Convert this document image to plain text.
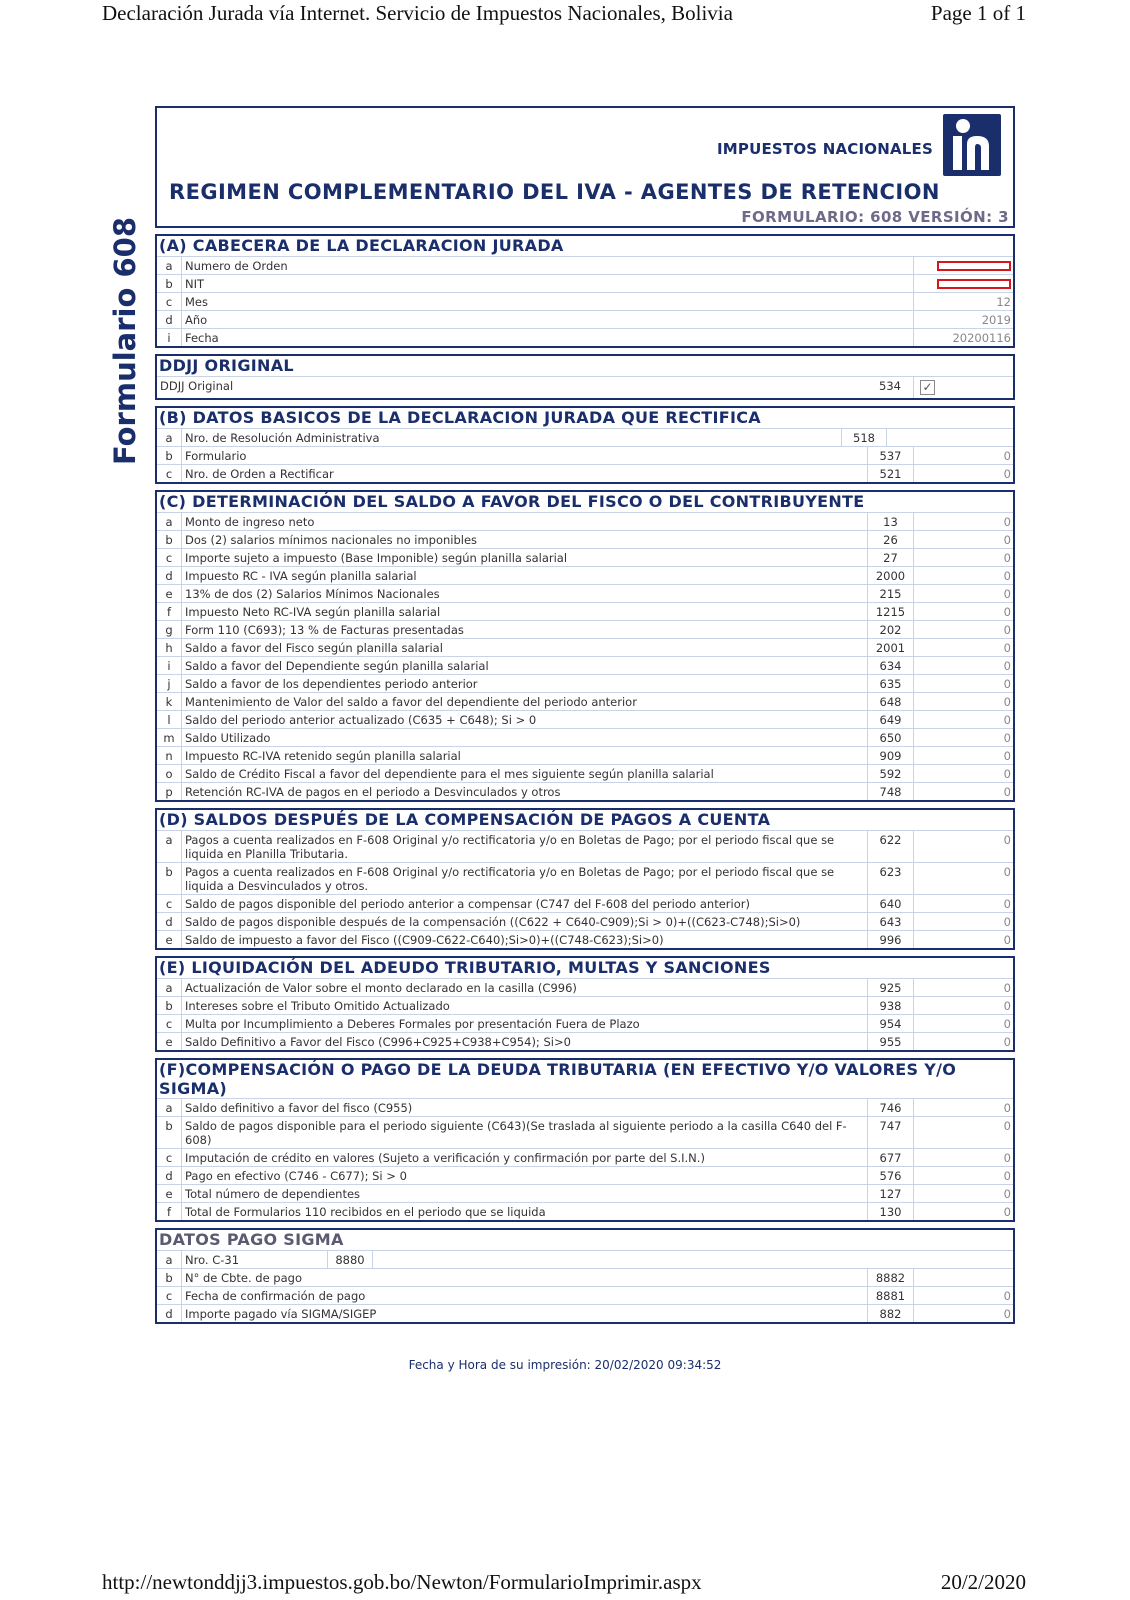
Declaración Jurada vía Internet. Servicio de Impuestos Nacionales, Bolivia	Page 1 of 1
Formulario 608
IMPUESTOS NACIONALES
REGIMEN COMPLEMENTARIO DEL IVA - AGENTES DE RETENCION
FORMULARIO: 608 VERSIÓN: 3
(A) CABECERA DE LA DECLARACION JURADA
a	Numero de Orden
b	NIT
c	Mes	12
d	Año	2019
i	Fecha	20200116
DDJJ ORIGINAL
DDJJ Original	534	✓
(B) DATOS BASICOS DE LA DECLARACION JURADA QUE RECTIFICA
a	Nro. de Resolución Administrativa	518
b	Formulario	537	0
c	Nro. de Orden a Rectificar	521	0
(C) DETERMINACIÓN DEL SALDO A FAVOR DEL FISCO O DEL CONTRIBUYENTE
a	Monto de ingreso neto	13	0
b	Dos (2) salarios mínimos nacionales no imponibles	26	0
c	Importe sujeto a impuesto (Base Imponible) según planilla salarial	27	0
d	Impuesto RC - IVA según planilla salarial	2000	0
e	13% de dos (2) Salarios Mínimos Nacionales	215	0
f	Impuesto Neto RC-IVA según planilla salarial	1215	0
g	Form 110 (C693); 13 % de Facturas presentadas	202	0
h	Saldo a favor del Fisco según planilla salarial	2001	0
i	Saldo a favor del Dependiente según planilla salarial	634	0
j	Saldo a favor de los dependientes periodo anterior	635	0
k	Mantenimiento de Valor del saldo a favor del dependiente del periodo anterior	648	0
l	Saldo del periodo anterior actualizado (C635 + C648); Si > 0	649	0
m Saldo Utilizado	650	0
n	Impuesto RC-IVA retenido según planilla salarial	909	0
o	Saldo de Crédito Fiscal a favor del dependiente para el mes siguiente según planilla salarial	592	0
p	Retención RC-IVA de pagos en el periodo a Desvinculados y otros	748	0
(D) SALDOS DESPUÉS DE LA COMPENSACIÓN DE PAGOS A CUENTA
a	Pagos a cuenta realizados en F-608 Original y/o rectificatoria y/o en Boletas de Pago; por el periodo fiscal que se liquida en Planilla Tributaria.
622	0
b	Pagos a cuenta realizados en F-608 Original y/o rectificatoria y/o en Boletas de Pago; por el periodo fiscal que se liquida a Desvinculados y otros.
623	0
c	Saldo de pagos disponible del periodo anterior a compensar (C747 del F-608 del periodo anterior)	640	0
d	Saldo de pagos disponible después de la compensación ((C622 + C640-C909);Si > 0)+((C623-C748);Si>0)	643	0
e	Saldo de impuesto a favor del Fisco ((C909-C622-C640);Si>0)+((C748-C623);Si>0)	996	0
(E) LIQUIDACIÓN DEL ADEUDO TRIBUTARIO, MULTAS Y SANCIONES
a	Actualización de Valor sobre el monto declarado en la casilla (C996)	925	0
b	Intereses sobre el Tributo Omitido Actualizado	938	0
c	Multa por Incumplimiento a Deberes Formales por presentación Fuera de Plazo	954	0
e	Saldo Definitivo a Favor del Fisco (C996+C925+C938+C954); Si>0	955	0
(F)COMPENSACIÓN O PAGO DE LA DEUDA TRIBUTARIA (EN EFECTIVO Y/O VALORES Y/O SIGMA)
a	Saldo definitivo a favor del fisco (C955)	746	0
b	Saldo de pagos disponible para el periodo siguiente (C643)(Se traslada al siguiente periodo a la casilla C640 del F-608)
747	0
c	Imputación de crédito en valores (Sujeto a verificación y confirmación por parte del S.I.N.)	677	0
d	Pago en efectivo (C746 - C677); Si > 0	576	0
e	Total número de dependientes	127	0
f	Total de Formularios 110 recibidos en el periodo que se liquida	130	0
DATOS PAGO SIGMA
a	Nro. C-31	8880
b	N° de Cbte. de pago	8882
c	Fecha de confirmación de pago	8881	0
d	Importe pagado vía SIGMA/SIGEP	882	0
Fecha y Hora de su impresión: 20/02/2020 09:34:52
http://newtonddjj3.impuestos.gob.bo/Newton/FormularioImprimir.aspx	20/2/2020
